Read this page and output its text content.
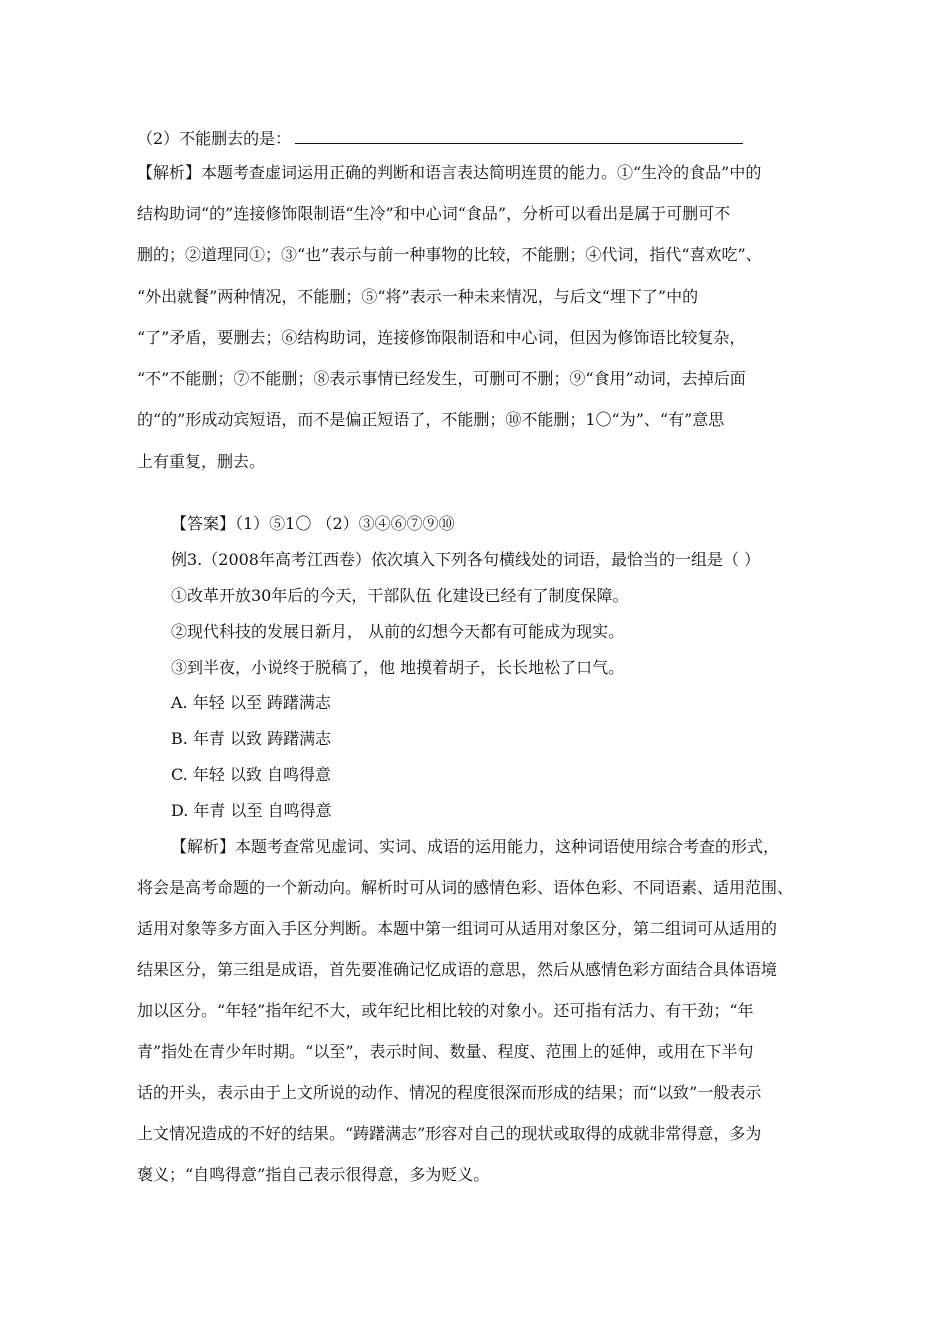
（2）不能删去的是：
【解析】本题考查虚词运用正确的判断和语言表达简明连贯的能力。①“生冷的食品”中的
结构助词“的”连接修饰限制语“生冷”和中心词“食品”，分析可以看出是属于可删可不
删的；②道理同①；③“也”表示与前一种事物的比较，不能删；④代词，指代“喜欢吃”、
“外出就餐”两种情况，不能删；⑤“将”表示一种未来情况，与后文“埋下了”中的
“了”矛盾，要删去；⑥结构助词，连接修饰限制语和中心词，但因为修饰语比较复杂，
“不”不能删；⑦不能删；⑧表示事情已经发生，可删可不删；⑨“食用”动词，去掉后面
的“的”形成动宾短语，而不是偏正短语了，不能删；⑩不能删；1〇“为”、“有”意思
上有重复，删去。
【答案】（1）⑤1〇 （2）③④⑥⑦⑨⑩
例3.（2008年高考江西卷）依次填入下列各句横线处的词语，最恰当的一组是（ ）
①改革开放30年后的今天，干部队伍 化建设已经有了制度保障。
②现代科技的发展日新月， 从前的幻想今天都有可能成为现实。
③到半夜，小说终于脱稿了，他 地摸着胡子，长长地松了口气。
A. 年轻 以至 踌躇满志
B. 年青 以致 踌躇满志
C. 年轻 以致 自鸣得意
D. 年青 以至 自鸣得意
【解析】本题考查常见虚词、实词、成语的运用能力，这种词语使用综合考查的形式，
将会是高考命题的一个新动向。解析时可从词的感情色彩、语体色彩、不同语素、适用范围、
适用对象等多方面入手区分判断。本题中第一组词可从适用对象区分，第二组词可从适用的
结果区分，第三组是成语，首先要准确记忆成语的意思，然后从感情色彩方面结合具体语境
加以区分。“年轻”指年纪不大，或年纪比相比较的对象小。还可指有活力、有干劲；“年
青”指处在青少年时期。“以至”，表示时间、数量、程度、范围上的延伸，或用在下半句
话的开头，表示由于上文所说的动作、情况的程度很深而形成的结果；而“以致”一般表示
上文情况造成的不好的结果。“踌躇满志”形容对自己的现状或取得的成就非常得意，多为
褒义；“自鸣得意”指自己表示很得意，多为贬义。
